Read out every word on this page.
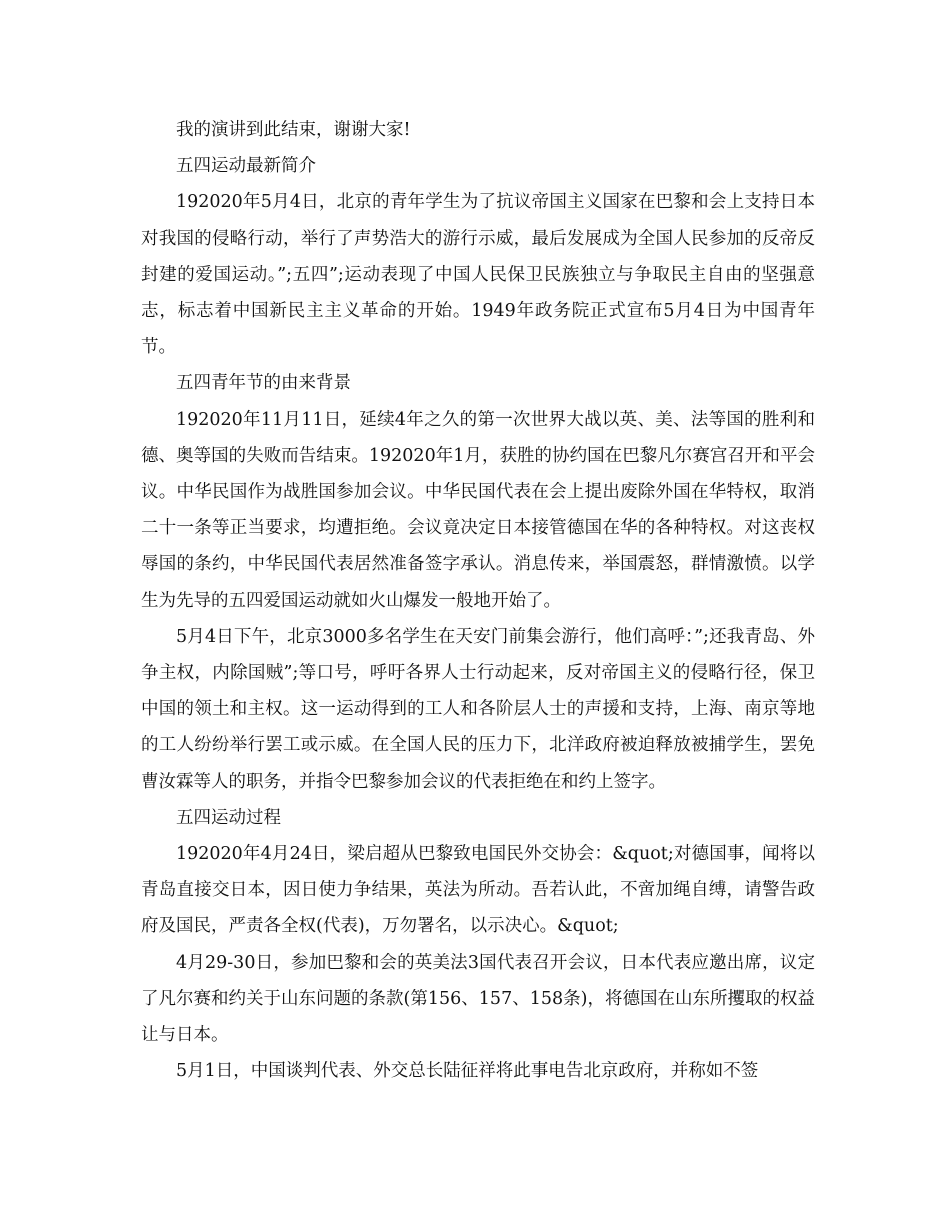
我的演讲到此结束，谢谢大家!

五四运动最新简介

192020年5月4日，北京的青年学生为了抗议帝国主义国家在巴黎和会上支持日本对我国的侵略行动，举行了声势浩大的游行示威，最后发展成为全国人民参加的反帝反封建的爱国运动。”;五四”;运动表现了中国人民保卫民族独立与争取民主自由的坚强意志，标志着中国新民主主义革命的开始。1949年政务院正式宣布5月4日为中国青年节。

五四青年节的由来背景

192020年11月11日，延续4年之久的第一次世界大战以英、美、法等国的胜利和德、奥等国的失败而告结束。192020年1月，获胜的协约国在巴黎凡尔赛宫召开和平会议。中华民国作为战胜国参加会议。中华民国代表在会上提出废除外国在华特权，取消二十一条等正当要求，均遭拒绝。会议竟决定日本接管德国在华的各种特权。对这丧权辱国的条约，中华民国代表居然准备签字承认。消息传来，举国震怒，群情激愤。以学生为先导的五四爱国运动就如火山爆发一般地开始了。

5月4日下午，北京3000多名学生在天安门前集会游行，他们高呼：”;还我青岛、外争主权，内除国贼”;等口号，呼吁各界人士行动起来，反对帝国主义的侵略行径，保卫中国的领土和主权。这一运动得到的工人和各阶层人士的声援和支持，上海、南京等地的工人纷纷举行罢工或示威。在全国人民的压力下，北洋政府被迫释放被捕学生，罢免曹汝霖等人的职务，并指令巴黎参加会议的代表拒绝在和约上签字。

五四运动过程

192020年4月24日，梁启超从巴黎致电国民外交协会：&quot;对德国事，闻将以青岛直接交日本，因日使力争结果，英法为所动。吾若认此，不啻加绳自缚，请警告政府及国民，严责各全权(代表)，万勿署名，以示决心。&quot;

4月29-30日，参加巴黎和会的英美法3国代表召开会议，日本代表应邀出席，议定了凡尔赛和约关于山东问题的条款(第156、157、158条)，将德国在山东所攫取的权益让与日本。

5月1日，中国谈判代表、外交总长陆征祥将此事电告北京政府，并称如不签
